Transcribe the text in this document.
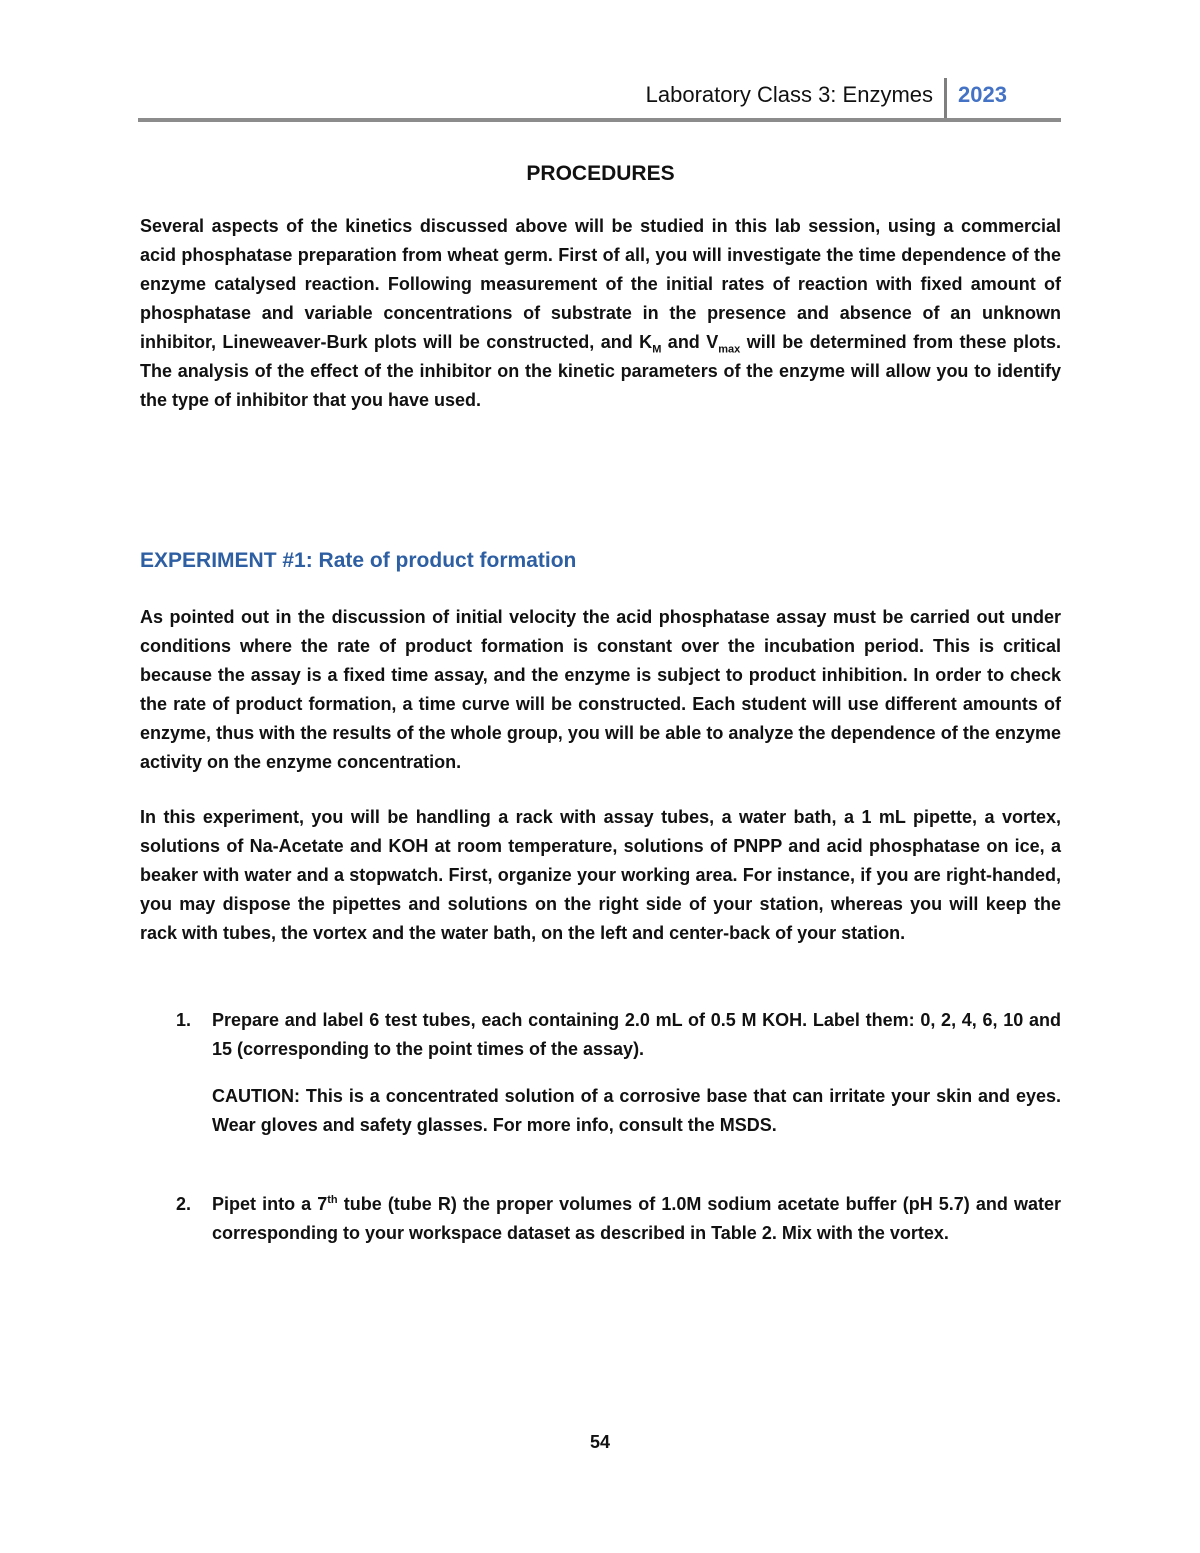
Laboratory Class 3: Enzymes 2023
PROCEDURES

Several aspects of the kinetics discussed above will be studied in this lab session, using a commercial acid phosphatase preparation from wheat germ. First of all, you will investigate the time dependence of the enzyme catalysed reaction. Following measurement of the initial rates of reaction with fixed amount of phosphatase and variable concentrations of substrate in the presence and absence of an unknown inhibitor, Lineweaver-Burk plots will be constructed, and $K_M$ and $V_{max}$ will be determined from these plots. The analysis of the effect of the inhibitor on the kinetic parameters of the enzyme will allow you to identify the type of inhibitor that you have used.

EXPERIMENT #1: Rate of product formation

As pointed out in the discussion of initial velocity the acid phosphatase assay must be carried out under conditions where the rate of product formation is constant over the incubation period. This is critical because the assay is a fixed time assay, and the enzyme is subject to product inhibition. In order to check the rate of product formation, a time curve will be constructed. Each student will use different amounts of enzyme, thus with the results of the whole group, you will be able to analyze the dependence of the enzyme activity on the enzyme concentration.

In this experiment, you will be handling a rack with assay tubes, a water bath, a 1 mL pipette, a vortex, solutions of Na-Acetate and KOH at room temperature, solutions of PNPP and acid phosphatase on ice, a beaker with water and a stopwatch. First, organize your working area. For instance, if you are right-handed, you may dispose the pipettes and solutions on the right side of your station, whereas you will keep the rack with tubes, the vortex and the water bath, on the left and center-back of your station.

1. Prepare and label 6 test tubes, each containing 2.0 mL of 0.5 M KOH. Label them: 0, 2, 4, 6, 10 and 15 (corresponding to the point times of the assay).

CAUTION: This is a concentrated solution of a corrosive base that can irritate your skin and eyes. Wear gloves and safety glasses. For more info, consult the MSDS.

2. Pipet into a 7th tube (tube R) the proper volumes of 1.0M sodium acetate buffer (pH 5.7) and water corresponding to your workspace dataset as described in Table 2. Mix with the vortex.

54
